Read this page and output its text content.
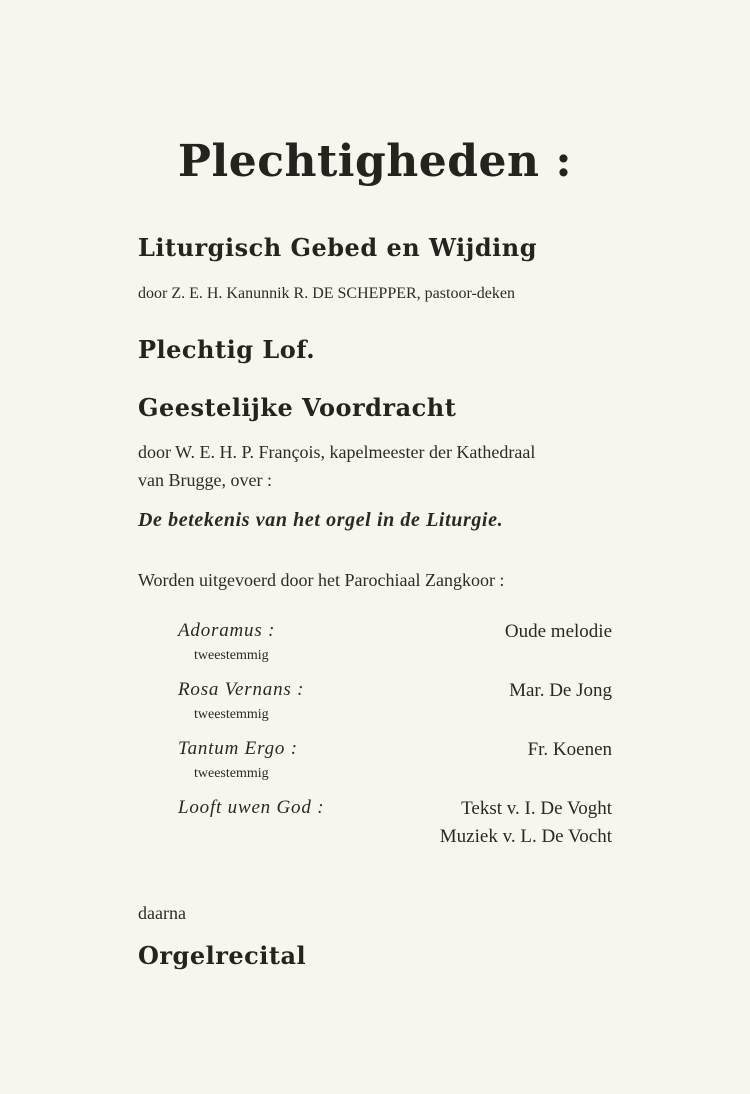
Plechtigheden :
Liturgisch Gebed en Wijding
door Z. E. H. Kanunnik R. DE SCHEPPER, pastoor-deken
Plechtig Lof.
Geestelijke Voordracht
door W. E. H. P. François, kapelmeester der Kathedraal
van Brugge, over :
De betekenis van het orgel in de Liturgie.
Worden uitgevoerd door het Parochiaal Zangkoor :
Adoramus :
tweestemmig
Oude melodie
Rosa Vernans :
tweestemmig
Mar. De Jong
Tantum Ergo :
tweestemmig
Fr. Koenen
Looft uwen God :	Tekst v. I. De Voght
Muziek v. L. De Vocht
daarna
Orgelrecital
